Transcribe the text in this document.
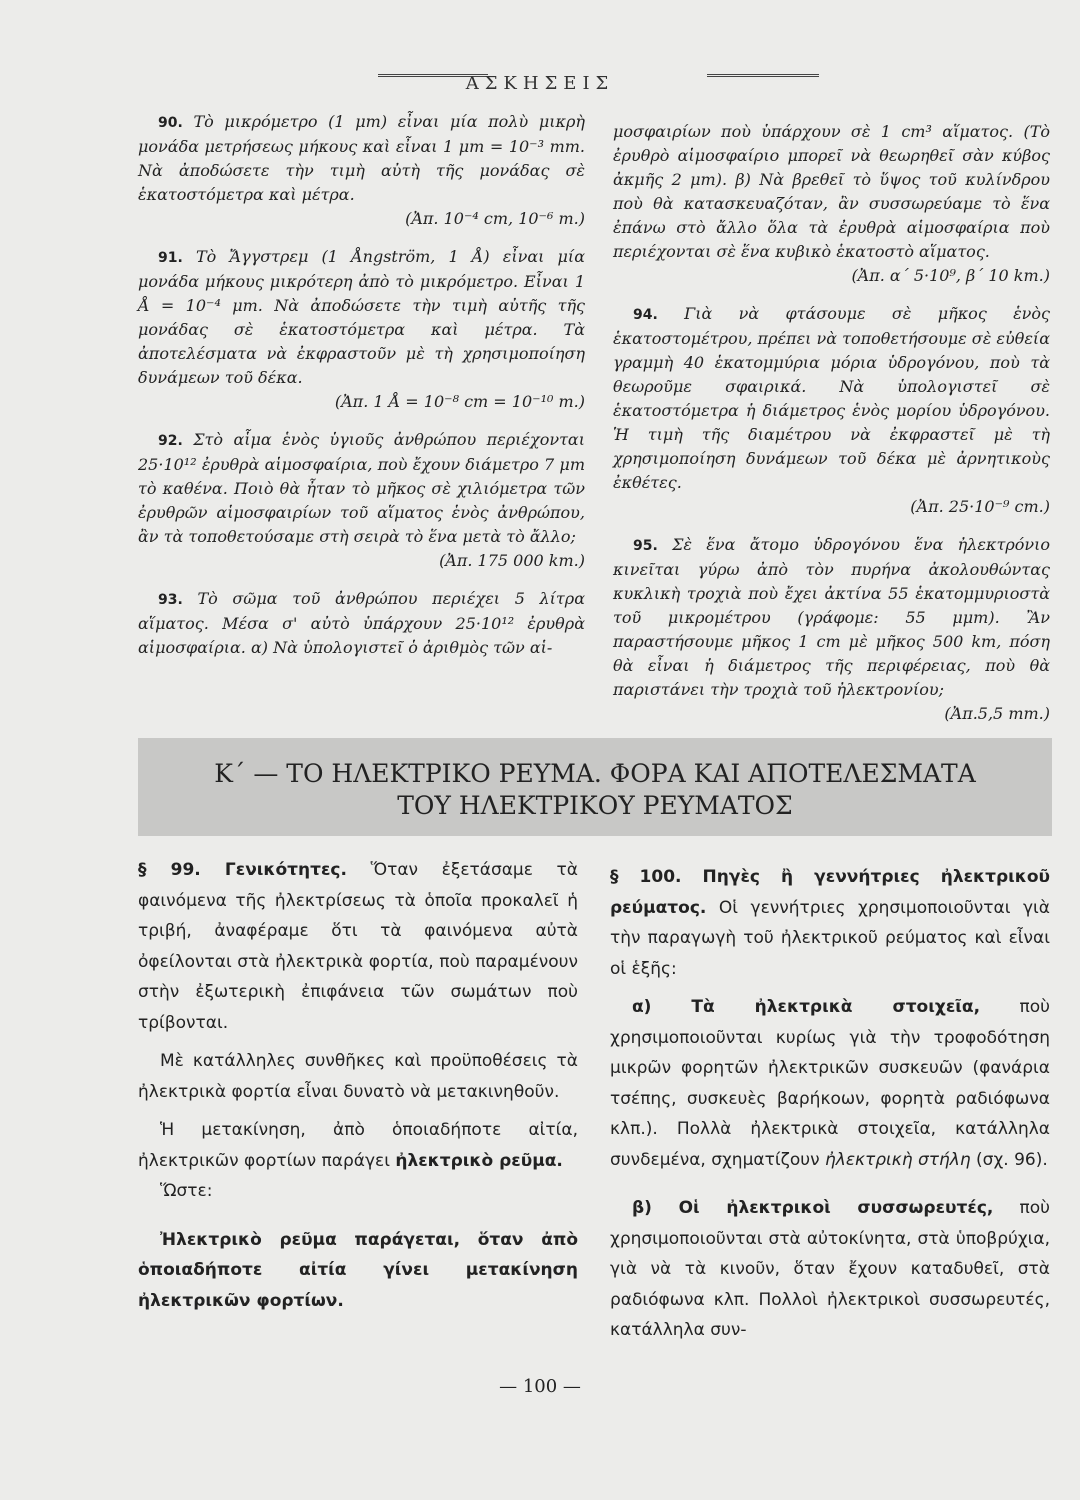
ΑΣΚΗΣΕΙΣ

90. Τὸ μικρόμετρο (1 μm) εἶναι μία πολὺ μικρὴ μονάδα μετρήσεως μήκους καὶ εἶναι 1 μm = 10⁻³ mm. Νὰ ἀποδώσετε τὴν τιμὴ αὐτὴ τῆς μονάδας σὲ ἑκατοστόμετρα καὶ μέτρα.
(Ἀπ. 10⁻⁴ cm, 10⁻⁶ m.)

91. Τὸ Ἄγγστρεμ (1 Ångström, 1 Å) εἶναι μία μονάδα μήκους μικρότερη ἀπὸ τὸ μικρόμετρο. Εἶναι 1 Å = 10⁻⁴ μm. Νὰ ἀποδώσετε τὴν τιμὴ αὐτῆς τῆς μονάδας σὲ ἑκατοστόμετρα καὶ μέτρα. Τὰ ἀποτελέσματα νὰ ἐκφραστοῦν μὲ τὴ χρησιμοποίηση δυνάμεων τοῦ δέκα.
(Ἀπ. 1 Å = 10⁻⁸ cm = 10⁻¹⁰ m.)

92. Στὸ αἷμα ἑνὸς ὑγιοῦς ἀνθρώπου περιέχονται 25·10¹² ἐρυθρὰ αἱμοσφαίρια, ποὺ ἔχουν διάμετρο 7 μm τὸ καθένα. Ποιὸ θὰ ἦταν τὸ μῆκος σὲ χιλιόμετρα τῶν ἐρυθρῶν αἱμοσφαιρίων τοῦ αἵματος ἑνὸς ἀνθρώπου, ἂν τὰ τοποθετούσαμε στὴ σειρὰ τὸ ἕνα μετὰ τὸ ἄλλο;
(Ἀπ. 175 000 km.)

93. Τὸ σῶμα τοῦ ἀνθρώπου περιέχει 5 λίτρα αἵματος. Μέσα σ' αὐτὸ ὑπάρχουν 25·10¹² ἐρυθρὰ αἱμοσφαίρια. α) Νὰ ὑπολογιστεῖ ὁ ἀριθμὸς τῶν αἱ-

μοσφαιρίων ποὺ ὑπάρχουν σὲ 1 cm³ αἵματος. (Τὸ ἐρυθρὸ αἱμοσφαίριο μπορεῖ νὰ θεωρηθεῖ σὰν κύβος ἀκμῆς 2 μm). β) Νὰ βρεθεῖ τὸ ὕψος τοῦ κυλίνδρου ποὺ θὰ κατασκευαζόταν, ἂν συσσωρεύαμε τὸ ἕνα ἐπάνω στὸ ἄλλο ὅλα τὰ ἐρυθρὰ αἱμοσφαίρια ποὺ περιέχονται σὲ ἕνα κυβικὸ ἑκατοστὸ αἵματος.
(Ἀπ. α΄ 5·10⁹, β΄ 10 km.)

94. Γιὰ νὰ φτάσουμε σὲ μῆκος ἑνὸς ἑκατοστομέτρου, πρέπει νὰ τοποθετήσουμε σὲ εὐθεία γραμμὴ 40 ἑκατομμύρια μόρια ὑδρογόνου, ποὺ τὰ θεωροῦμε σφαιρικά. Νὰ ὑπολογιστεῖ σὲ ἑκατοστόμετρα ἡ διάμετρος ἑνὸς μορίου ὑδρογόνου. Ἡ τιμὴ τῆς διαμέτρου νὰ ἐκφραστεῖ μὲ τὴ χρησιμοποίηση δυνάμεων τοῦ δέκα μὲ ἀρνητικοὺς ἐκθέτες.
(Ἀπ. 25·10⁻⁹ cm.)

95. Σὲ ἕνα ἄτομο ὑδρογόνου ἕνα ἠλεκτρόνιο κινεῖται γύρω ἀπὸ τὸν πυρήνα ἀκολουθώντας κυκλικὴ τροχιὰ ποὺ ἔχει ἀκτίνα 55 ἑκατομμυριοστὰ τοῦ μικρομέτρου (γράφομε: 55 μμm). Ἂν παραστήσουμε μῆκος 1 cm μὲ μῆκος 500 km, πόση θὰ εἶναι ἡ διάμετρος τῆς περιφέρειας, ποὺ θὰ παριστάνει τὴν τροχιὰ τοῦ ἠλεκτρονίου;
(Ἀπ.5,5 mm.)

Κ΄ — ΤΟ ΗΛΕΚΤΡΙΚΟ ΡΕΥΜΑ. ΦΟΡΑ ΚΑΙ ΑΠΟΤΕΛΕΣΜΑΤΑ
ΤΟΥ ΗΛΕΚΤΡΙΚΟΥ ΡΕΥΜΑΤΟΣ

§ 99. Γενικότητες. Ὅταν ἐξετάσαμε τὰ φαινόμενα τῆς ἠλεκτρίσεως τὰ ὁποῖα προκαλεῖ ἡ τριβή, ἀναφέραμε ὅτι τὰ φαινόμενα αὐτὰ ὀφείλονται στὰ ἠλεκτρικὰ φορτία, ποὺ παραμένουν στὴν ἐξωτερικὴ ἐπιφάνεια τῶν σωμάτων ποὺ τρίβονται.

Μὲ κατάλληλες συνθῆκες καὶ προϋποθέσεις τὰ ἠλεκτρικὰ φορτία εἶναι δυνατὸ νὰ μετακινηθοῦν.

Ἡ μετακίνηση, ἀπὸ ὁποιαδήποτε αἰτία, ἠλεκτρικῶν φορτίων παράγει ἠλεκτρικὸ ρεῦμα.

Ὥστε:

Ἠλεκτρικὸ ρεῦμα παράγεται, ὅταν ἀπὸ ὁποιαδήποτε αἰτία γίνει μετακίνηση ἠλεκτρικῶν φορτίων.

§ 100. Πηγὲς ἢ γεννήτριες ἠλεκτρικοῦ ρεύματος. Οἱ γεννήτριες χρησιμοποιοῦνται γιὰ τὴν παραγωγὴ τοῦ ἠλεκτρικοῦ ρεύματος καὶ εἶναι οἱ ἑξῆς:

α) Τὰ ἠλεκτρικὰ στοιχεῖα, ποὺ χρησιμοποιοῦνται κυρίως γιὰ τὴν τροφοδότηση μικρῶν φορητῶν ἠλεκτρικῶν συσκευῶν (φανάρια τσέπης, συσκευὲς βαρήκοων, φορητὰ ραδιόφωνα κλπ.). Πολλὰ ἠλεκτρικὰ στοιχεῖα, κατάλληλα συνδεμένα, σχηματίζουν ἠλεκτρικὴ στήλη (σχ. 96).

β) Οἱ ἠλεκτρικοὶ συσσωρευτές, ποὺ χρησιμοποιοῦνται στὰ αὐτοκίνητα, στὰ ὑποβρύχια, γιὰ νὰ τὰ κινοῦν, ὅταν ἔχουν καταδυθεῖ, στὰ ραδιόφωνα κλπ. Πολλοὶ ἠλεκτρικοὶ συσσωρευτές, κατάλληλα συν-

— 100 —
